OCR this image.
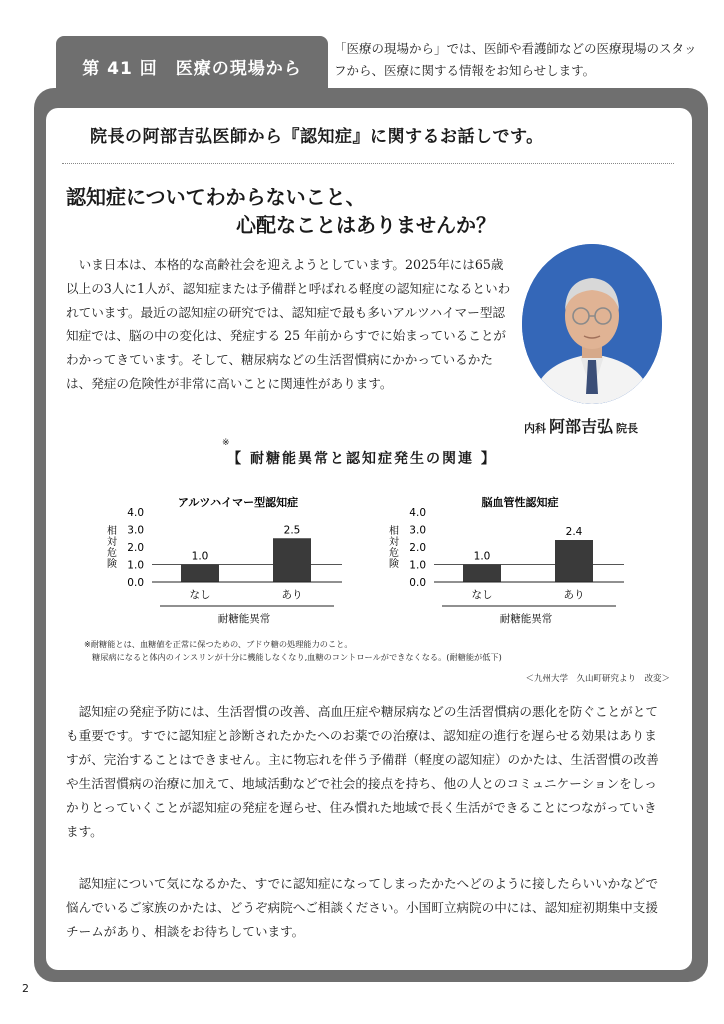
第 41 回　医療の現場から
「医療の現場から」では、医師や看護師などの医療現場のスタッフから、医療に関する情報をお知らせします。
院長の阿部吉弘医師から『認知症』に関するお話しです。
認知症についてわからないこと、
心配なことはありませんか？

いま日本は、本格的な高齢社会を迎えようとしています。2025年には65歳以上の3人に1人が、認知症または予備群と呼ばれる軽度の認知症になるといわれています。最近の認知症の研究では、認知症で最も多いアルツハイマー型認知症では、脳の中の変化は、発症する 25 年前からすでに始まっていることがわかってきています。そして、糖尿病などの生活習慣病にかかっているかたは、発症の危険性が非常に高いことに関連性があります。

内科 阿部吉弘 院長
※
【 耐糖能異常と認知症発生の関連 】
アルツハイマー型認知症
相対危険
0.0
1.0
2.0
3.0
4.0
1.0
なし
2.5
あり
耐糖能異常
脳血管性認知症
相対危険
0.0
1.0
2.0
3.0
4.0
1.0
なし
2.4
あり
耐糖能異常
※耐糖能とは、血糖値を正常に保つための、ブドウ糖の処理能力のこと。
糖尿病になると体内のインスリンが十分に機能しなくなり,血糖のコントロールができなくなる。(耐糖能が低下)
＜九州大学　久山町研究より　改変＞

認知症の発症予防には、生活習慣の改善、高血圧症や糖尿病などの生活習慣病の悪化を防ぐことがとても重要です。すでに認知症と診断されたかたへのお薬での治療は、認知症の進行を遅らせる効果はありますが、完治することはできません。主に物忘れを伴う予備群（軽度の認知症）のかたは、生活習慣の改善や生活習慣病の治療に加えて、地域活動などで社会的接点を持ち、他の人とのコミュニケーションをしっかりとっていくことが認知症の発症を遅らせ、住み慣れた地域で長く生活ができることにつながっていきます。

認知症について気になるかた、すでに認知症になってしまったかたへどのように接したらいいかなどで悩んでいるご家族のかたは、どうぞ病院へご相談ください。小国町立病院の中には、認知症初期集中支援チームがあり、相談をお待ちしています。

2
